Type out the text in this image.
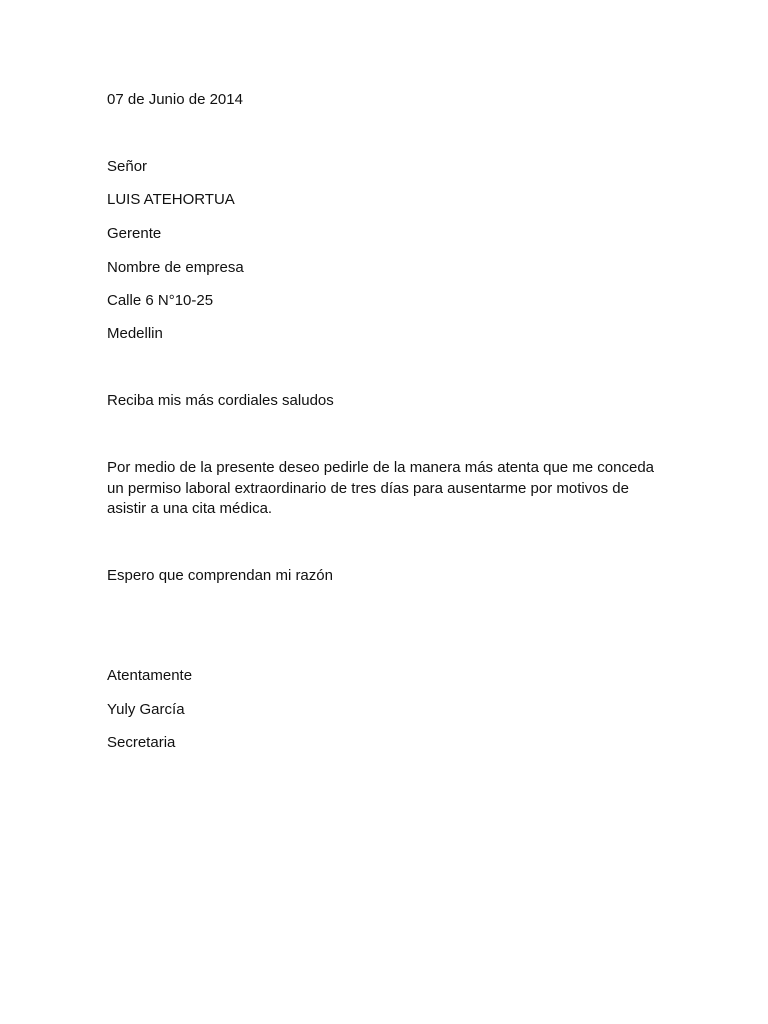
07 de Junio de 2014
Señor
LUIS ATEHORTUA
Gerente
Nombre de empresa
Calle 6 N°10-25
Medellin
Reciba mis más cordiales saludos
Por medio de la presente deseo pedirle de la manera más atenta que me conceda
un permiso laboral extraordinario de tres días para ausentarme por motivos de
asistir a una cita médica.
Espero que comprendan mi razón
Atentamente
Yuly García
Secretaria
